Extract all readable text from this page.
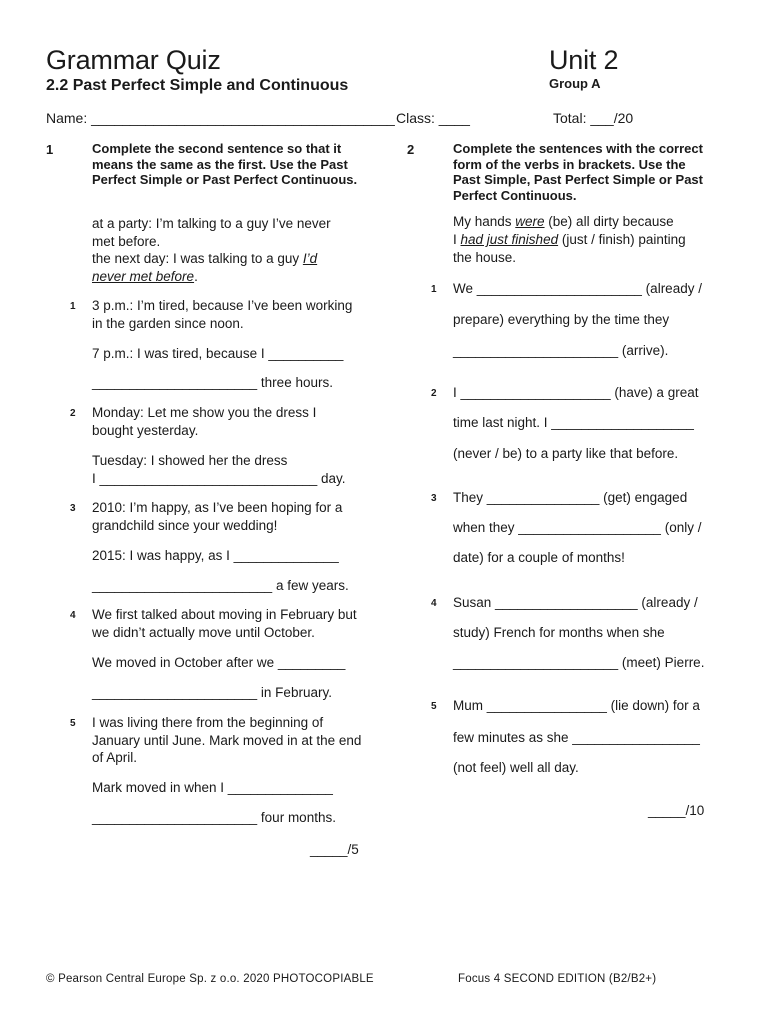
Grammar Quiz
2.2 Past Perfect Simple and Continuous
Unit 2
Group A
Name: _______________________________________ Class: ____	Total: ___/20
1	Complete the second sentence so that it means the same as the first. Use the Past Perfect Simple or Past Perfect Continuous.
at a party: I’m talking to a guy I’ve never met before.
the next day: I was talking to a guy I’d never met before.
1 3 p.m.: I’m tired, because I’ve been working in the garden since noon.
7 p.m.: I was tired, because I __________
______________________ three hours.
2 Monday: Let me show you the dress I bought yesterday.
Tuesday: I showed her the dress
I _____________________________ day.
3 2010: I’m happy, as I’ve been hoping for a grandchild since your wedding!
2015: I was happy, as I ______________
________________________ a few years.
4 We first talked about moving in February but we didn’t actually move until October.
We moved in October after we _________
______________________ in February.
5 I was living there from the beginning of January until June. Mark moved in at the end of April.
Mark moved in when I ______________
______________________ four months.
_____/5
2	Complete the sentences with the correct form of the verbs in brackets. Use the Past Simple, Past Perfect Simple or Past Perfect Continuous.
My hands were (be) all dirty because
I had just finished (just / finish) painting
the house.
1 We ______________________ (already /
prepare) everything by the time they
______________________ (arrive).
2 I ____________________ (have) a great
time last night. I ___________________
(never / be) to a party like that before.
3 They _______________ (get) engaged
when they ___________________ (only /
date) for a couple of months!
4 Susan ___________________ (already /
study) French for months when she
______________________ (meet) Pierre.
5 Mum ________________ (lie down) for a
few minutes as she _________________
(not feel) well all day.
_____/10
© Pearson Central Europe Sp. z o.o. 2020 PHOTOCOPIABLE	Focus 4 SECOND EDITION (B2/B2+)
